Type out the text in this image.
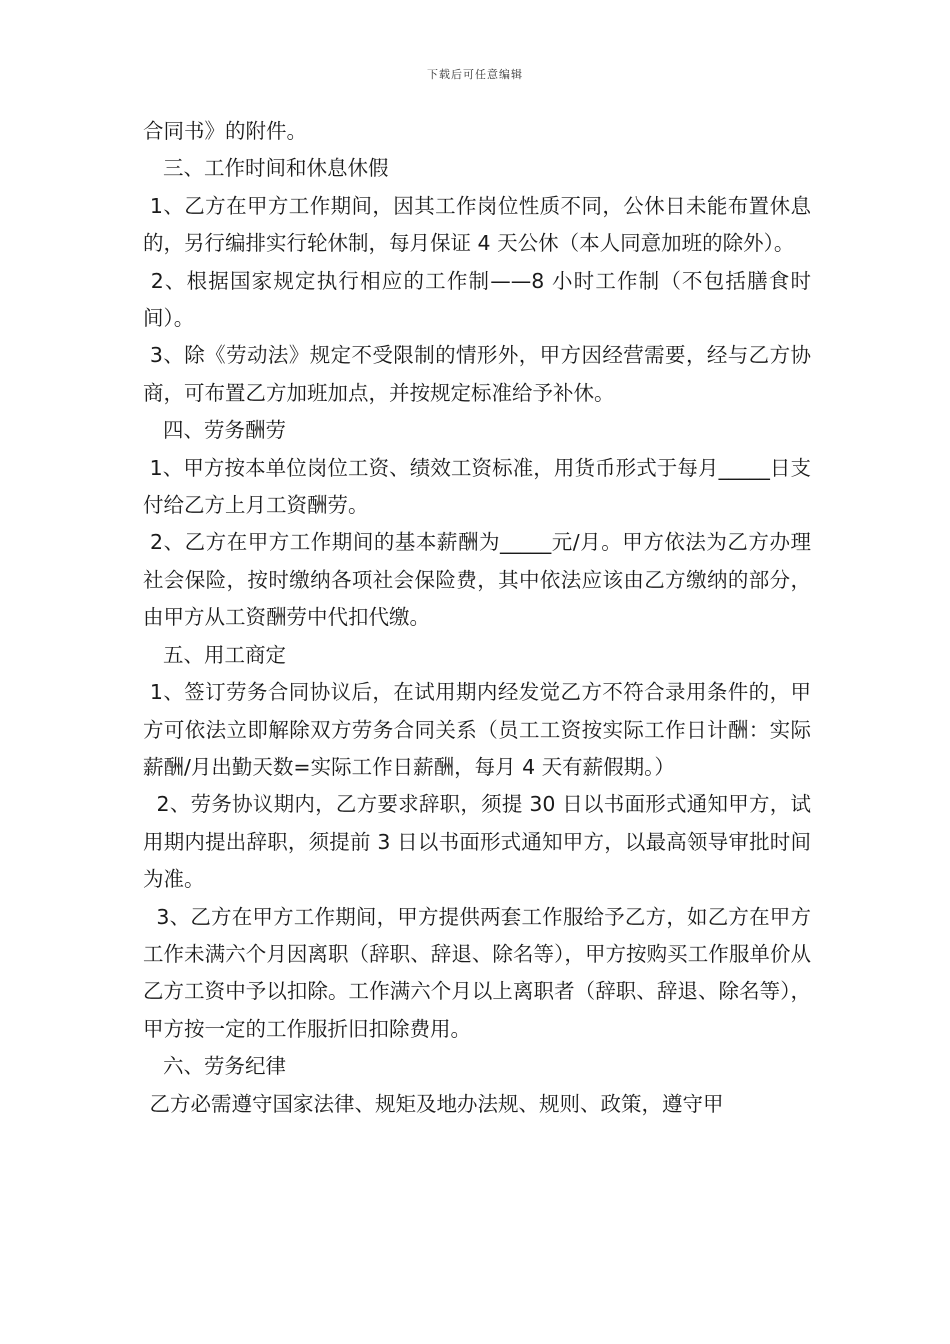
下载后可任意编辑

合同书》的附件。

三、工作时间和休息休假

1、乙方在甲方工作期间，因其工作岗位性质不同，公休日未能布置休息的，另行编排实行轮休制，每月保证 4 天公休（本人同意加班的除外）。

2、根据国家规定执行相应的工作制——8 小时工作制（不包括膳食时间）。

3、除《劳动法》规定不受限制的情形外，甲方因经营需要，经与乙方协商，可布置乙方加班加点，并按规定标准给予补休。

四、劳务酬劳

1、甲方按本单位岗位工资、绩效工资标准，用货币形式于每月_____日支付给乙方上月工资酬劳。

2、乙方在甲方工作期间的基本薪酬为_____元/月。甲方依法为乙方办理社会保险，按时缴纳各项社会保险费，其中依法应该由乙方缴纳的部分，由甲方从工资酬劳中代扣代缴。

五、用工商定

1、签订劳务合同协议后，在试用期内经发觉乙方不符合录用条件的，甲方可依法立即解除双方劳务合同关系（员工工资按实际工作日计酬：实际薪酬/月出勤天数=实际工作日薪酬，每月 4 天有薪假期。）

2、劳务协议期内，乙方要求辞职，须提 30 日以书面形式通知甲方，试用期内提出辞职，须提前 3 日以书面形式通知甲方，以最高领导审批时间为准。

3、乙方在甲方工作期间，甲方提供两套工作服给予乙方，如乙方在甲方工作未满六个月因离职（辞职、辞退、除名等），甲方按购买工作服单价从乙方工资中予以扣除。工作满六个月以上离职者（辞职、辞退、除名等），甲方按一定的工作服折旧扣除费用。

六、劳务纪律

乙方必需遵守国家法律、规矩及地办法规、规则、政策，遵守甲
